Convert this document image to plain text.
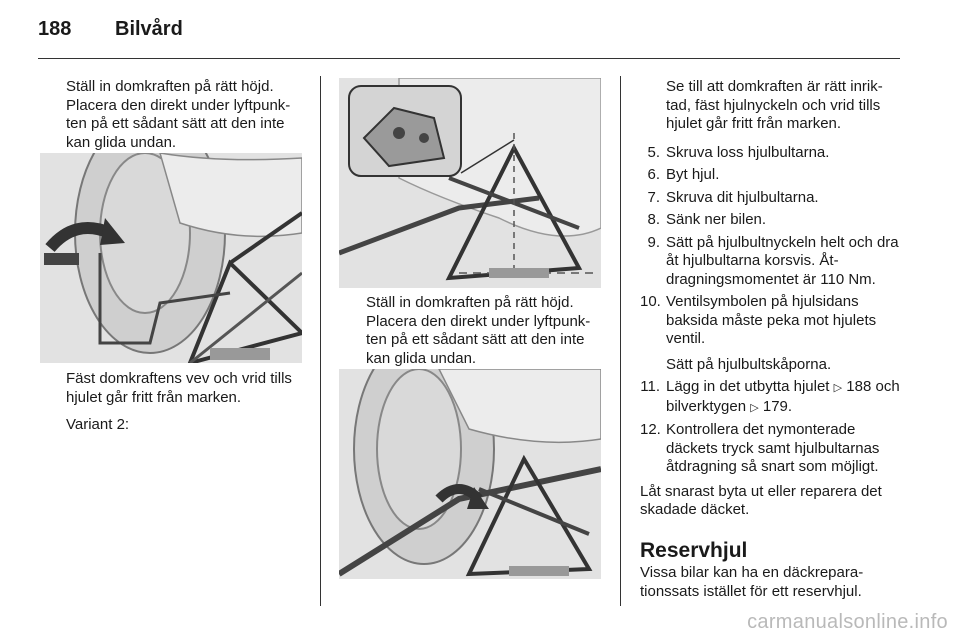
188 Bilvård

Ställ in domkraften på rätt höjd. Placera den direkt under lyftpunk-ten på ett sådant sätt att den inte kan glida undan.

Fäst domkraftens vev och vrid tills hjulet går fritt från marken.

Variant 2:

Ställ in domkraften på rätt höjd. Placera den direkt under lyftpunk-ten på ett sådant sätt att den inte kan glida undan.

Se till att domkraften är rätt inrik-tad, fäst hjulnyckeln och vrid tills hjulet går fritt från marken.

5. Skruva loss hjulbultarna.
6. Byt hjul.
7. Skruva dit hjulbultarna.
8. Sänk ner bilen.
9. Sätt på hjulbultnyckeln helt och dra åt hjulbultarna korsvis. Åt-dragningsmomentet är 110 Nm.
10. Ventilsymbolen på hjulsidans baksida måste peka mot hjulets ventil.
Sätt på hjulbultskåporna.
11. Lägg in det utbytta hjulet ▷ 188 och bilverktygen ▷ 179.
12. Kontrollera det nymonterade däckets tryck samt hjulbultarnas åtdragning så snart som möjligt.

Låt snarast byta ut eller reparera det skadade däcket.

Reservhjul

Vissa bilar kan ha en däckrepara-tionssats istället för ett reservhjul.

carmanualsonline.info
